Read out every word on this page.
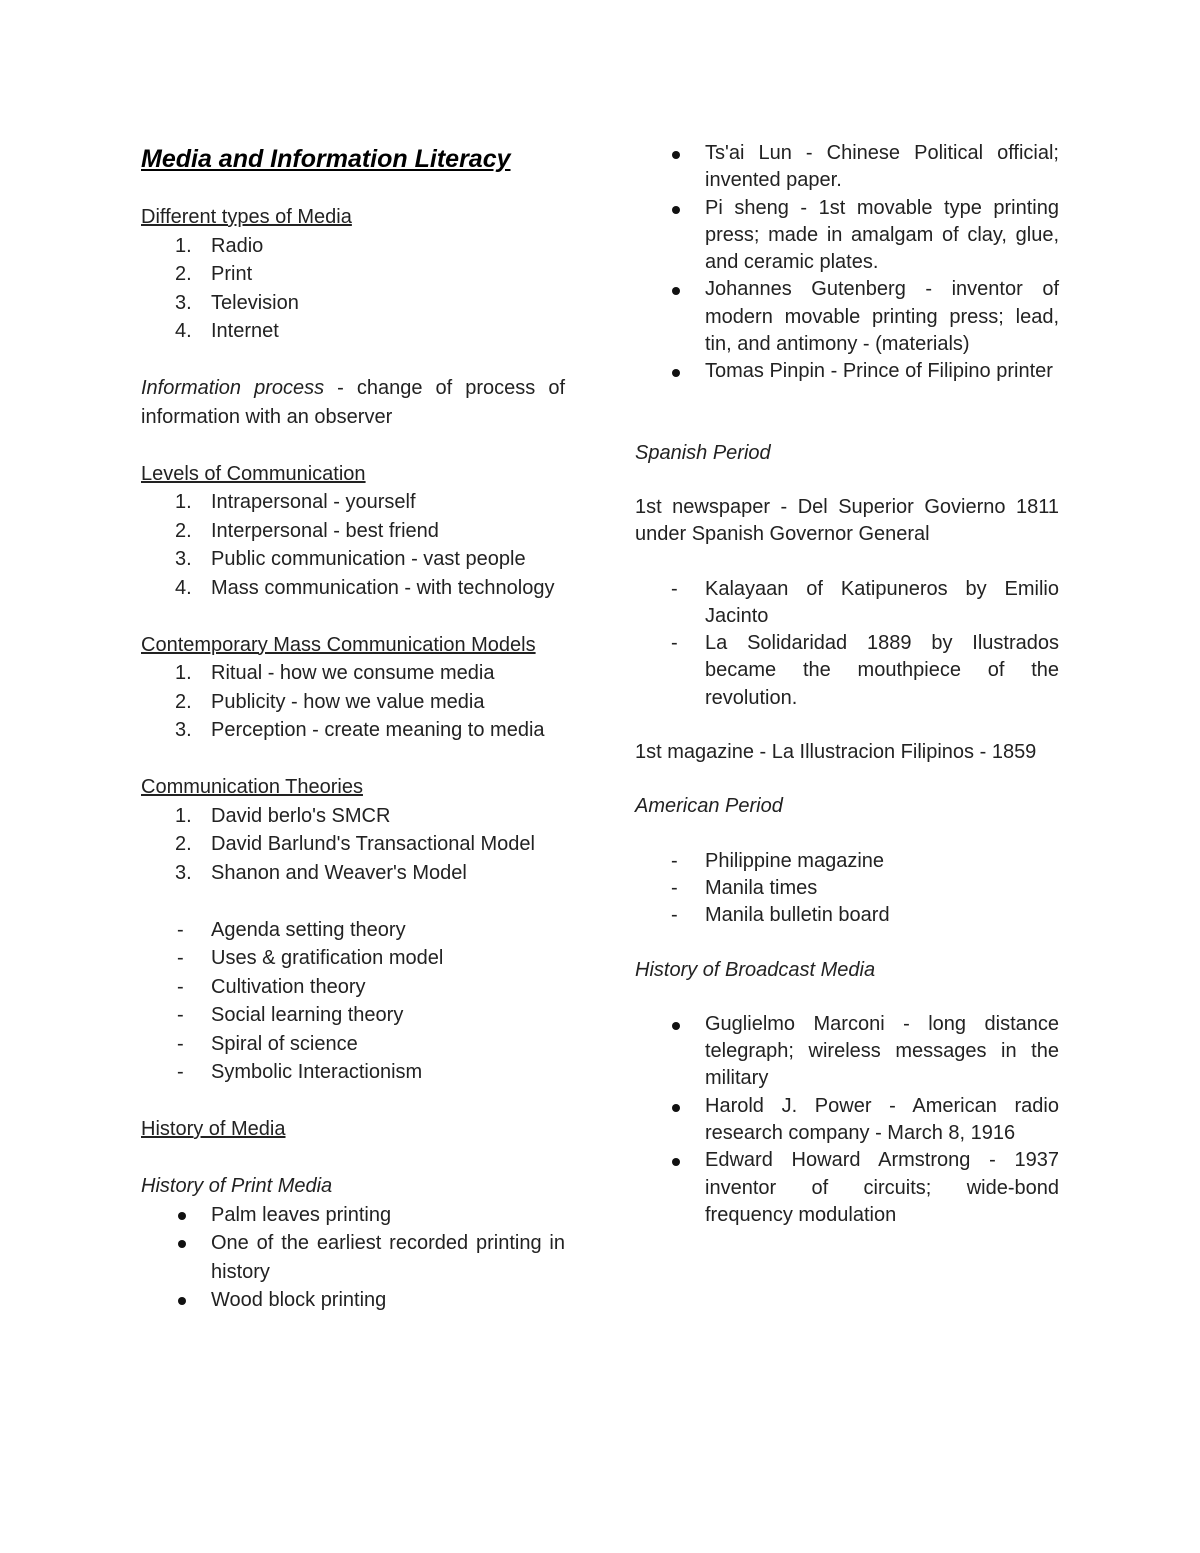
Media and Information Literacy
Different types of Media
1. Radio
2. Print
3. Television
4. Internet
Information process - change of process of information with an observer
Levels of Communication
1. Intrapersonal - yourself
2. Interpersonal - best friend
3. Public communication - vast people
4. Mass communication - with technology
Contemporary Mass Communication Models
1. Ritual - how we consume media
2. Publicity - how we value media
3. Perception - create meaning to media
Communication Theories
1. David berlo's SMCR
2. David Barlund's Transactional Model
3. Shanon and Weaver's Model
- Agenda setting theory
- Uses & gratification model
- Cultivation theory
- Social learning theory
- Spiral of science
- Symbolic Interactionism
History of Media
History of Print Media
Palm leaves printing
One of the earliest recorded printing in history
Wood block printing
Ts'ai Lun - Chinese Political official; invented paper.
Pi sheng - 1st movable type printing press; made in amalgam of clay, glue, and ceramic plates.
Johannes Gutenberg - inventor of modern movable printing press; lead, tin, and antimony - (materials)
Tomas Pinpin - Prince of Filipino printer
Spanish Period
1st newspaper - Del Superior Govierno 1811 under Spanish Governor General
- Kalayaan of Katipuneros by Emilio Jacinto
- La Solidaridad 1889 by Ilustrados became the mouthpiece of the revolution.
1st magazine - La Illustracion Filipinos - 1859
American Period
- Philippine magazine
- Manila times
- Manila bulletin board
History of Broadcast Media
Guglielmo Marconi - long distance telegraph; wireless messages in the military
Harold J. Power - American radio research company - March 8, 1916
Edward Howard Armstrong - 1937 inventor of circuits; wide-bond frequency modulation
